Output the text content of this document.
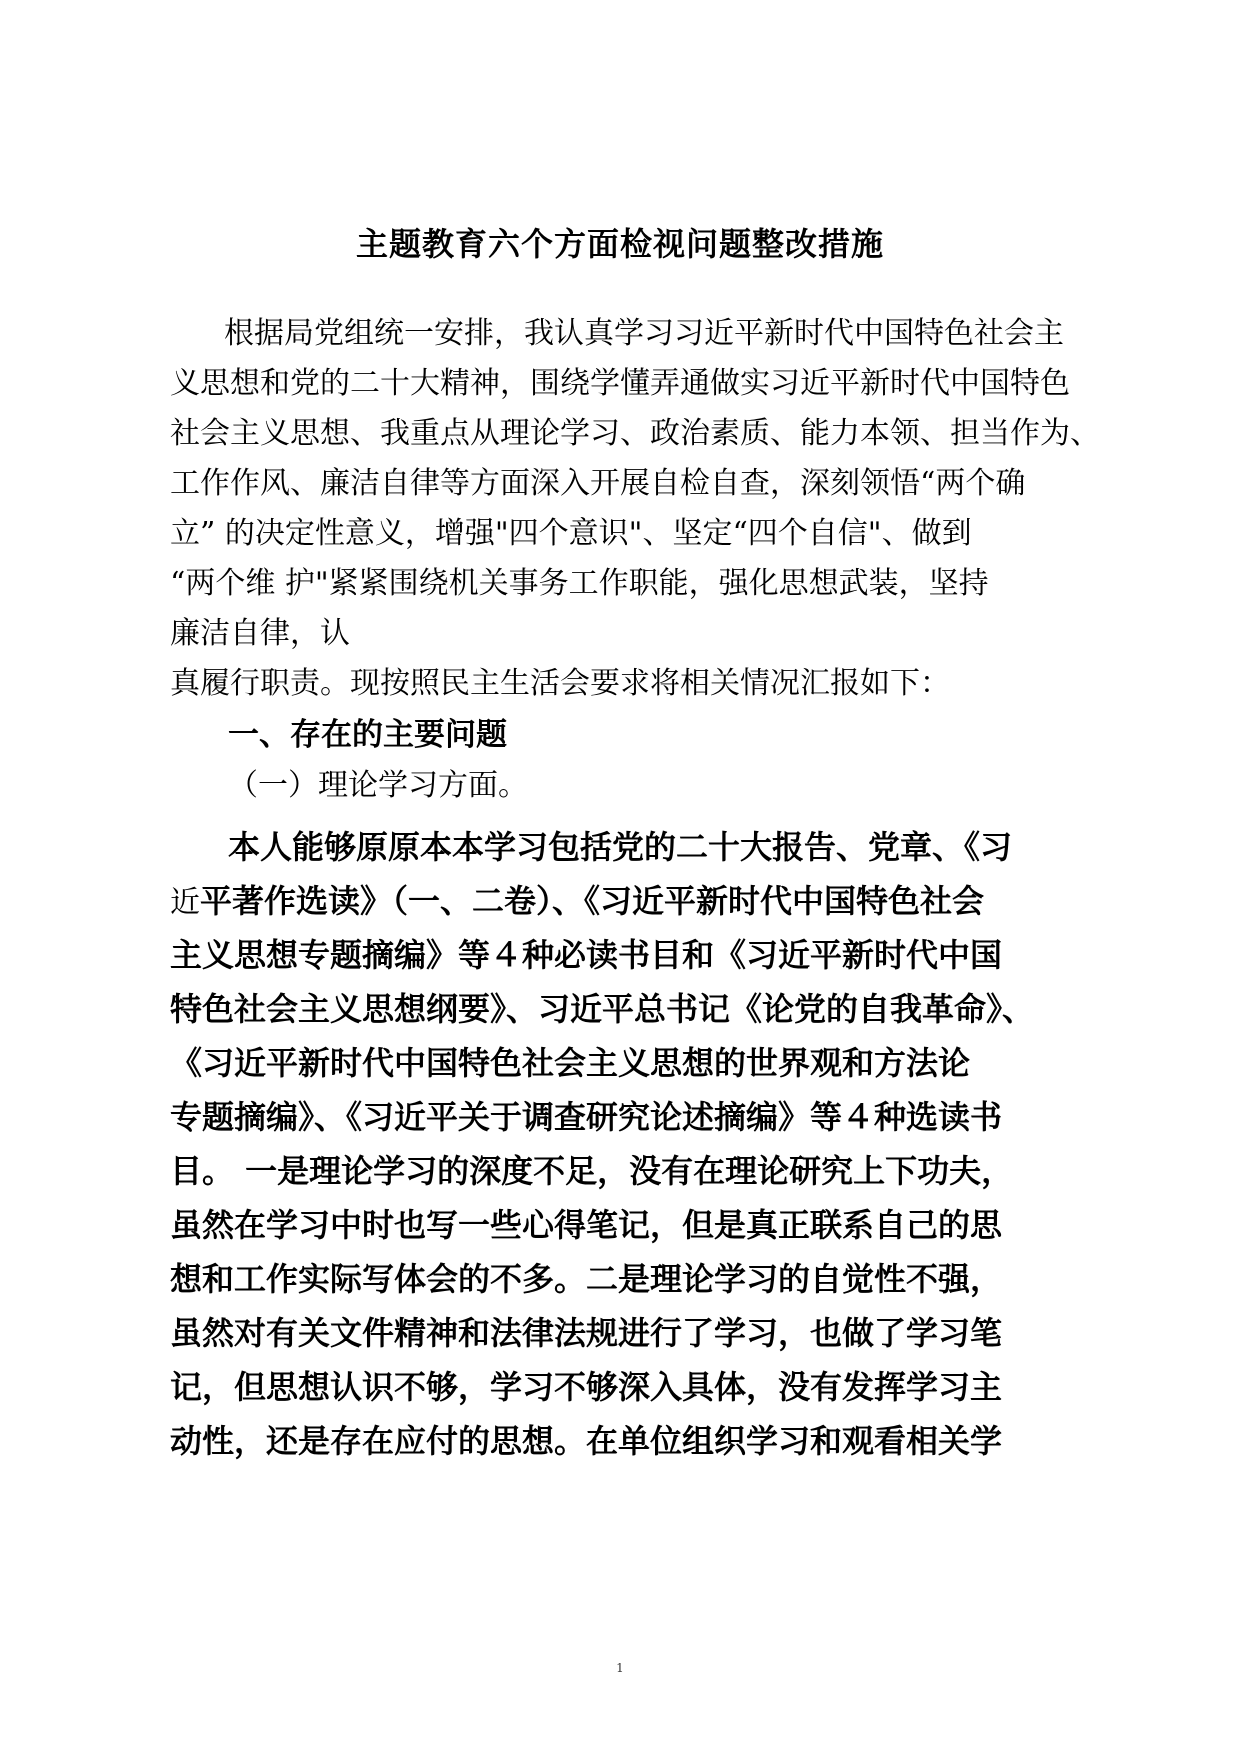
主题教育六个方面检视问题整改措施
根据局党组统一安排，我认真学习习近平新时代中国特色社会主
义思想和党的二十大精神，围绕学懂弄通做实习近平新时代中国特色
社会主义思想、我重点从理论学习、政治素质、能力本领、担当作为、
工作作风、廉洁自律等方面深入开展自检自查，深刻领悟“两个确
立” 的决定性意义，增强"四个意识"、坚定“四个自信"、做到
“两个维 护"紧紧围绕机关事务工作职能，强化思想武装，坚持
廉洁自律，认
真履行职责。现按照民主生活会要求将相关情况汇报如下：
一、存在的主要问题
（一）理论学习方面。
本人能够原原本本学习包括党的二十大报告、党章、《习
近平著作选读》（一、二卷）、《习近平新时代中国特色社会
主义思想专题摘编》等４种必读书目和《习近平新时代中国
特色社会主义思想纲要》、习近平总书记《论党的自我革命》、
《习近平新时代中国特色社会主义思想的世界观和方法论
专题摘编》、《习近平关于调查研究论述摘编》等４种选读书
目。 一是理论学习的深度不足，没有在理论研究上下功夫，
虽然在学习中时也写一些心得笔记，但是真正联系自己的思
想和工作实际写体会的不多。二是理论学习的自觉性不强，
虽然对有关文件精神和法律法规进行了学习，也做了学习笔
记，但思想认识不够，学习不够深入具体，没有发挥学习主
动性，还是存在应付的思想。在单位组织学习和观看相关学
1
